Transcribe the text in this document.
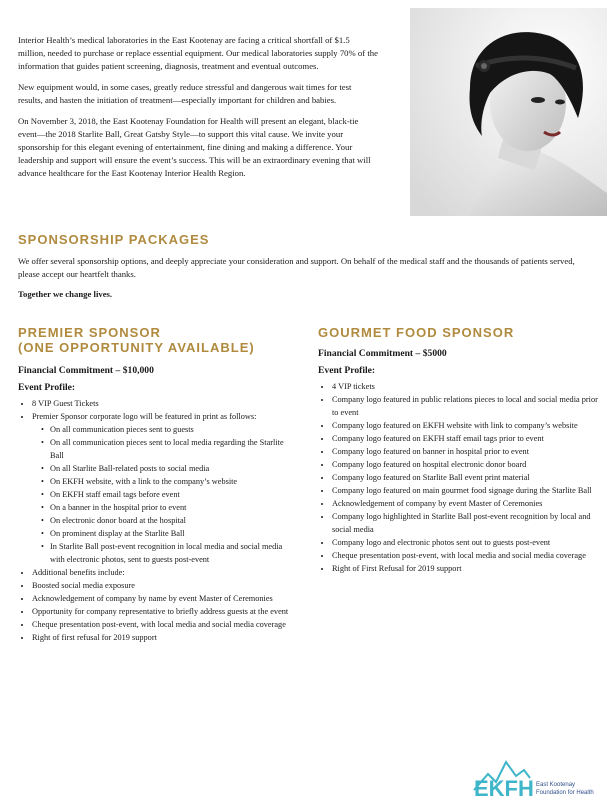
Interior Health’s medical laboratories in the East Kootenay are facing a critical shortfall of $1.5 million, needed to purchase or replace essential equipment. Our medical laboratories supply 70% of the information that guides patient screening, diagnosis, treatment and eventual outcomes.

New equipment would, in some cases, greatly reduce stressful and dangerous wait times for test results, and hasten the initiation of treatment—especially important for children and babies.

On November 3, 2018, the East Kootenay Foundation for Health will present an elegant, black-tie event—the 2018 Starlite Ball, Great Gatsby Style—to support this vital cause. We invite your sponsorship for this elegant evening of entertainment, fine dining and making a difference. Your leadership and support will ensure the event’s success. This will be an extraordinary evening that will advance healthcare for the East Kootenay Interior Health Region.

SPONSORSHIP PACKAGES

We offer several sponsorship options, and deeply appreciate your consideration and support. On behalf of the medical staff and the thousands of patients served, please accept our heartfelt thanks.

Together we change lives.

PREMIER SPONSOR
(ONE OPPORTUNITY AVAILABLE)
Financial Commitment – $10,000
Event Profile:
• 8 VIP Guest Tickets
• Premier Sponsor corporate logo will be featured in print as follows:
• On all communication pieces sent to guests
• On all communication pieces sent to local media regarding the Starlite Ball
• On all Starlite Ball-related posts to social media
• On EKFH website, with a link to the company’s website
• On EKFH staff email tags before event
• On a banner in the hospital prior to event
• On electronic donor board at the hospital
• On prominent display at the Starlite Ball
• In Starlite Ball post-event recognition in local media and social media with electronic photos, sent to guests post-event
• Additional benefits include:
• Boosted social media exposure
• Acknowledgement of company by name by event Master of Ceremonies
• Opportunity for company representative to briefly address guests at the event
• Cheque presentation post-event, with local media and social media coverage
• Right of first refusal for 2019 support
GOURMET FOOD SPONSOR
Financial Commitment – $5000
Event Profile:
• 4 VIP tickets
• Company logo featured in public relations pieces to local and social media prior to event
• Company logo featured on EKFH website with link to company’s website
• Company logo featured on EKFH staff email tags prior to event
• Company logo featured on banner in hospital prior to event
• Company logo featured on hospital electronic donor board
• Company logo featured on Starlite Ball event print material
• Company logo featured on main gourmet food signage during the Starlite Ball
• Acknowledgement of company by event Master of Ceremonies
• Company logo highlighted in Starlite Ball post-event recognition by local and social media
• Company logo and electronic photos sent out to guests post-event
• Cheque presentation post-event, with local media and social media coverage
• Right of First Refusal for 2019 support
EKFH East Kootenay
Foundation for Health
